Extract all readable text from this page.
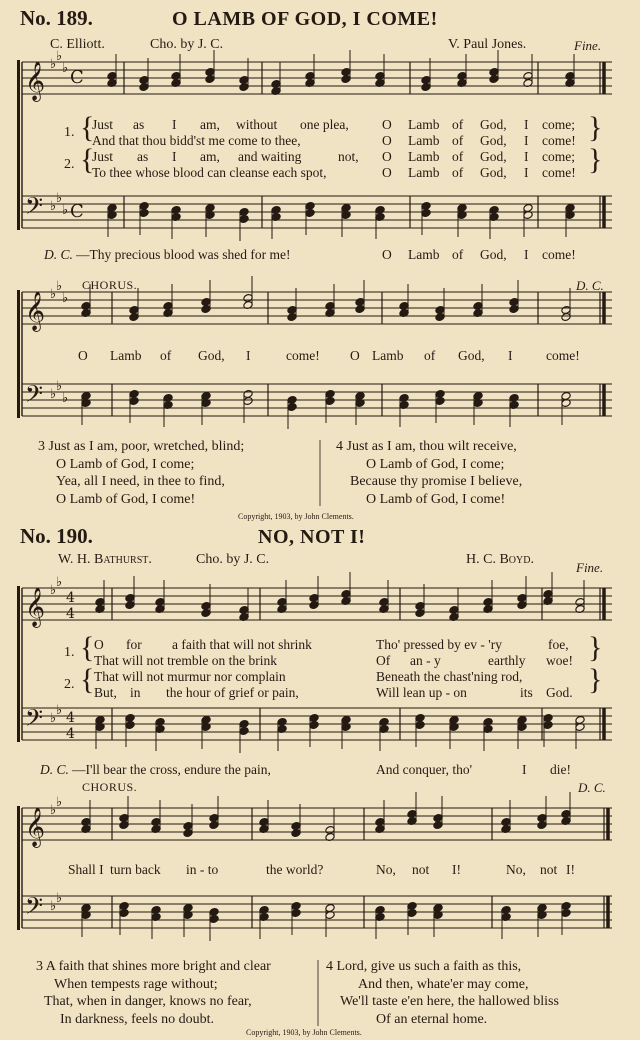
No. 189.	O LAMB OF GOD, I COME!
C. Elliott.	Cho. by J. C.	V. Paul Jones.	Fine.
1. {	}
2. {	}
Just as I am, without one plea, O Lamb of God, I come;
And that thou bidd'st me come to thee,	O Lamb of God, I come!
Just as I am, and waiting	not, O Lamb of God, I come;
To thee whose blood can cleanse each spot,	O Lamb of God, I come!
D. C. —Thy precious blood was shed for me!	O Lamb of God, I come!
CHORUS.	D. C.
O Lamb of God, I	come! O Lamb of God, I come!
3 Just as I am, poor, wretched, blind;
O Lamb of God, I come;
Yea, all I need, in thee to find,
O Lamb of God, I come!
4 Just as I am, thou wilt receive,
O Lamb of God, I come;
Because thy promise I believe,
O Lamb of God, I come!
Copyright, 1903, by John Clements.
No. 190.	NO, NOT I!
W. H. Bathurst.	Cho. by J. C.	H. C. Boyd.
Fine.
1. {	}
2. {	}
O for a faith that will not shrink	Tho' pressed by ev - 'ry	foe,
That will not tremble on the brink	Of an - y	earthly woe!
That will not murmur nor complain	Beneath the chast'ning rod,
But, in the hour of grief or pain,	Will lean up - on	its God.
D. C. —I'll bear the cross, endure the pain,	And conquer, tho'	I die!
CHORUS.	D. C.
Shall I turn back in - to	the world?	No, not I!	No, not I!
3 A faith that shines more bright and clear
When tempests rage without;
That, when in danger, knows no fear,
In darkness, feels no doubt.
4 Lord, give us such a faith as this,
And then, whate'er may come,
We'll taste e'en here, the hallowed bliss
Of an eternal home.
Copyright, 1903, by John Clements.
𝄞
𝄢
♭
♭
♭
♭
♭
♭
C
C
𝄞
𝄢
♭
♭
♭
♭
♭
♭
𝄞
𝄢
♭
♭
♭
♭
4
4
4
4
𝄞
𝄢
♭
♭
♭
♭
